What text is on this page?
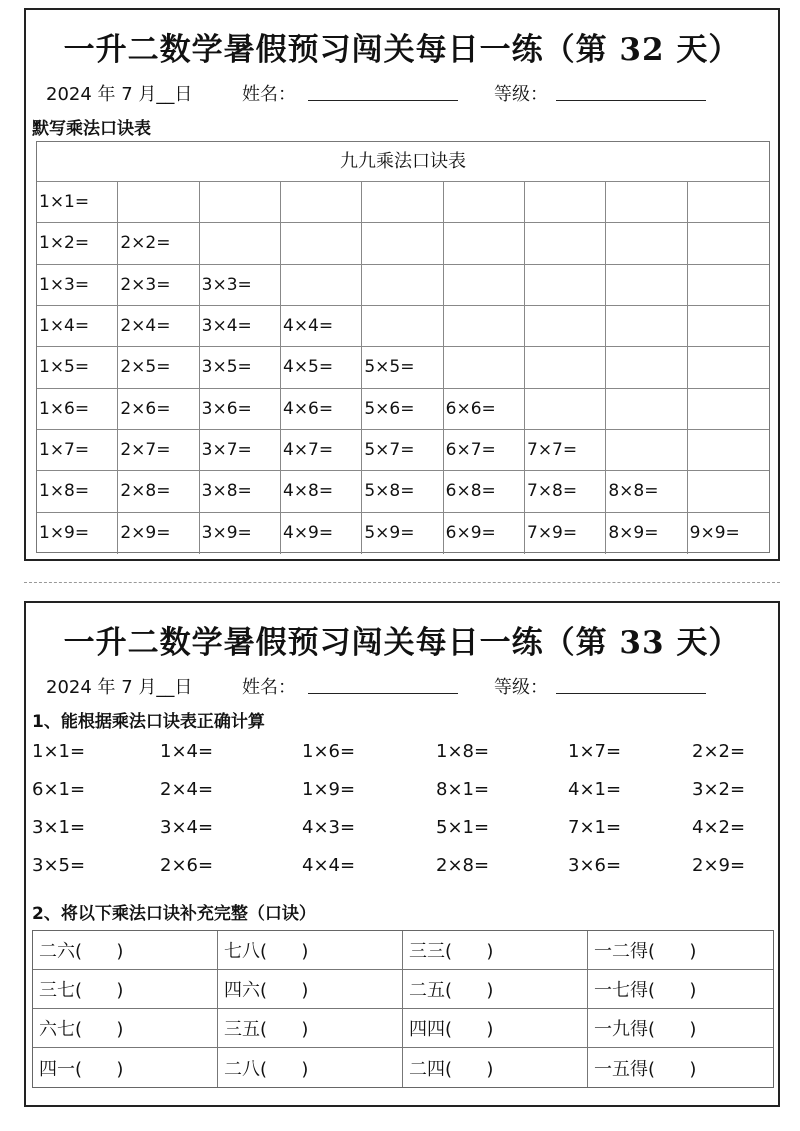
一升二数学暑假预习闯关每日一练（第 32 天）
2024 年 7 月__日	姓名：	等级：
默写乘法口诀表
九九乘法口诀表
1×1=
1×2=	2×2=
1×3=	2×3=	3×3=
1×4=	2×4=	3×4=	4×4=
1×5=	2×5=	3×5=	4×5=	5×5=
1×6=	2×6=	3×6=	4×6=	5×6=	6×6=
1×7=	2×7=	3×7=	4×7=	5×7=	6×7=	7×7=
1×8=	2×8=	3×8=	4×8=	5×8=	6×8=	7×8=	8×8=
1×9=	2×9=	3×9=	4×9=	5×9=	6×9=	7×9=	8×9=	9×9=
一升二数学暑假预习闯关每日一练（第 33 天）
2024 年 7 月__日	姓名：	等级：
1、能根据乘法口诀表正确计算
1×1=	1×4=	1×6=	1×8=	1×7=	2×2=
6×1=	2×4=	1×9=	8×1=	4×1=	3×2=
3×1=	3×4=	4×3=	5×1=	7×1=	4×2=
3×5=	2×6=	4×4=	2×8=	3×6=	2×9=
2、将以下乘法口诀补充完整（口诀）
二六(      )	七八(      )	三三(      )	一二得(      )
三七(      )	四六(      )	二五(      )	一七得(      )
六七(      )	三五(      )	四四(      )	一九得(      )
四一(      )	二八(      )	二四(      )	一五得(      )
